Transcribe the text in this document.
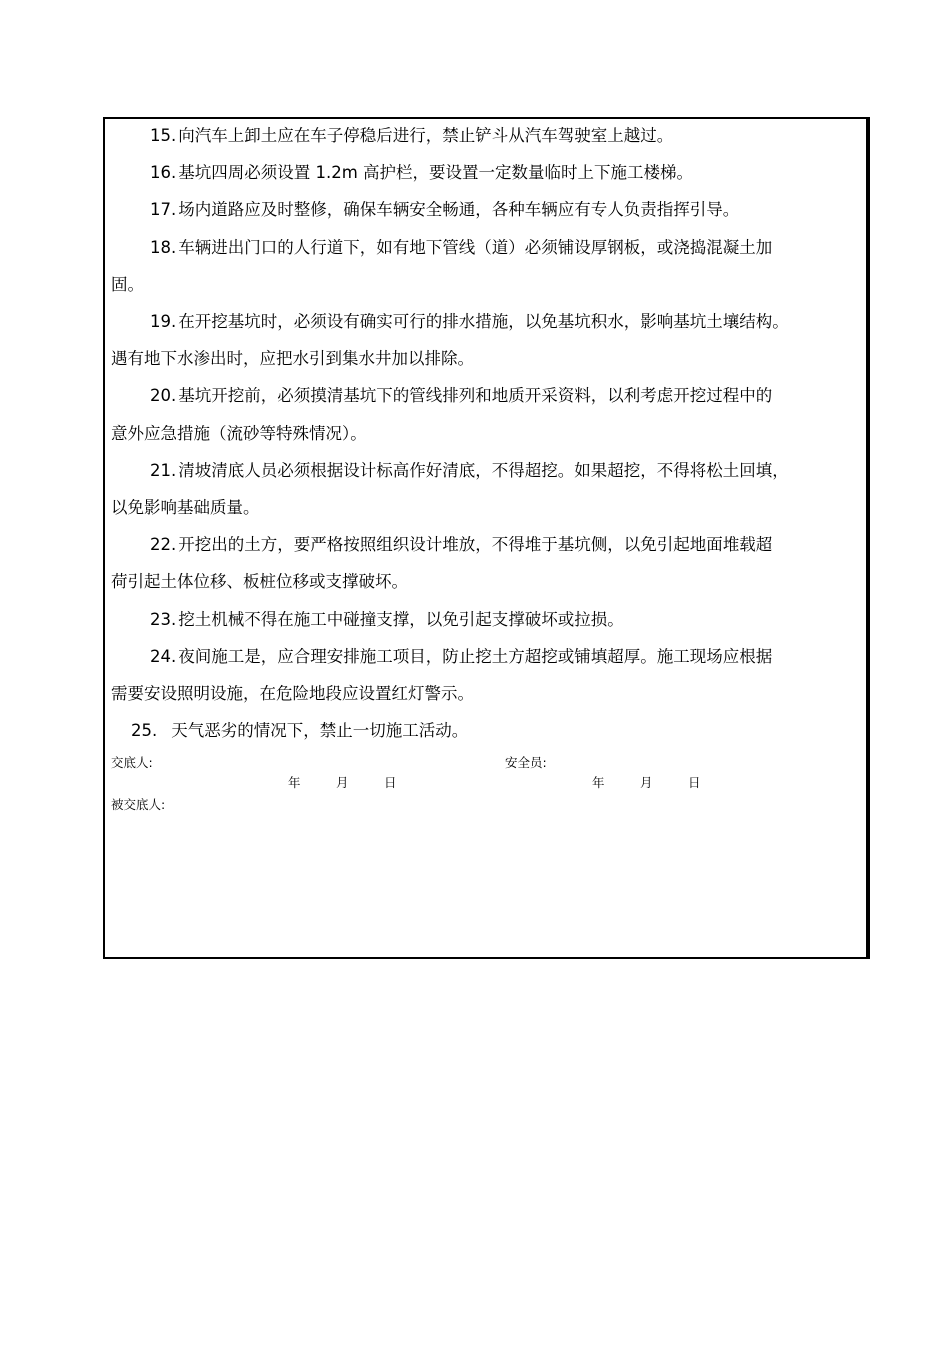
15. 向汽车上卸土应在车子停稳后进行，禁止铲斗从汽车驾驶室上越过。
16. 基坑四周必须设置 1.2m 高护栏，要设置一定数量临时上下施工楼梯。
17. 场内道路应及时整修，确保车辆安全畅通，各种车辆应有专人负责指挥引导。
18. 车辆进出门口的人行道下，如有地下管线（道）必须铺设厚钢板，或浇捣混凝土加
固。
19. 在开挖基坑时，必须设有确实可行的排水措施，以免基坑积水，影响基坑土壤结构。
遇有地下水渗出时，应把水引到集水井加以排除。
20. 基坑开挖前，必须摸清基坑下的管线排列和地质开采资料，以利考虑开挖过程中的
意外应急措施（流砂等特殊情况）。
21. 清坡清底人员必须根据设计标高作好清底，不得超挖。如果超挖，不得将松土回填，
以免影响基础质量。
22. 开挖出的土方，要严格按照组织设计堆放，不得堆于基坑侧，以免引起地面堆载超
荷引起土体位移、板桩位移或支撑破坏。
23. 挖土机械不得在施工中碰撞支撑，以免引起支撑破坏或拉损。
24. 夜间施工是，应合理安排施工项目，防止挖土方超挖或铺填超厚。施工现场应根据
需要安设照明设施，在危险地段应设置红灯警示。
25. 天气恶劣的情况下，禁止一切施工活动。
交底人:	安全员:
年	月	日	年	月	日
被交底人:
